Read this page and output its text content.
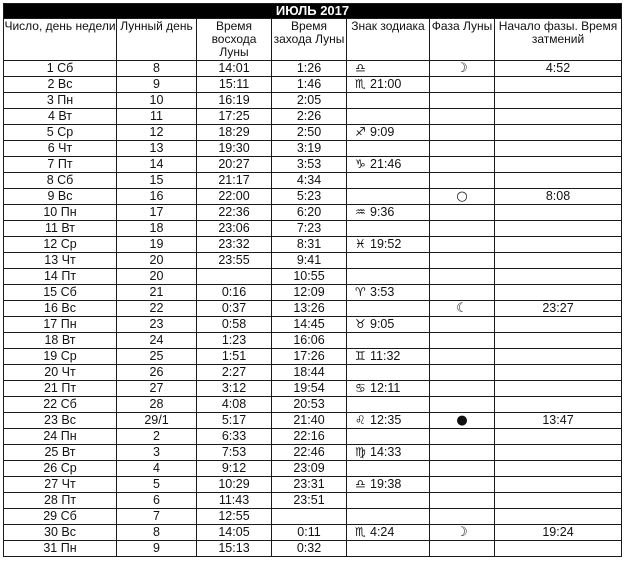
ИЮЛЬ 2017						
Число, день недели	Лунный день	Время восхода Луны	Время захода Луны	Знак зодиака	Фаза Луны	Начало фазы. Время затмений
1 Сб	8	14:01	1:26	♎	☽	4:52
2 Вс	9	15:11	1:46	♏ 21:00		
3 Пн	10	16:19	2:05			
4 Вт	11	17:25	2:26			
5 Ср	12	18:29	2:50	♐ 9:09		
6 Чт	13	19:30	3:19			
7 Пт	14	20:27	3:53	♑ 21:46		
8 Сб	15	21:17	4:34			
9 Вс	16	22:00	5:23		○	8:08
10 Пн	17	22:36	6:20	♒ 9:36		
11 Вт	18	23:06	7:23			
12 Ср	19	23:32	8:31	♓ 19:52		
13 Чт	20	23:55	9:41			
14 Пт	20		10:55			
15 Сб	21	0:16	12:09	♈ 3:53		
16 Вс	22	0:37	13:26		☾	23:27
17 Пн	23	0:58	14:45	♉ 9:05		
18 Вт	24	1:23	16:06			
19 Ср	25	1:51	17:26	♊ 11:32		
20 Чт	26	2:27	18:44			
21 Пт	27	3:12	19:54	♋ 12:11		
22 Сб	28	4:08	20:53			
23 Вс	29/1	5:17	21:40	♌ 12:35	●	13:47
24 Пн	2	6:33	22:16			
25 Вт	3	7:53	22:46	♍ 14:33		
26 Ср	4	9:12	23:09			
27 Чт	5	10:29	23:31	♎ 19:38		
28 Пт	6	11:43	23:51			
29 Сб	7	12:55				
30 Вс	8	14:05	0:11	♏ 4:24	☽	19:24
31 Пн	9	15:13	0:32			
